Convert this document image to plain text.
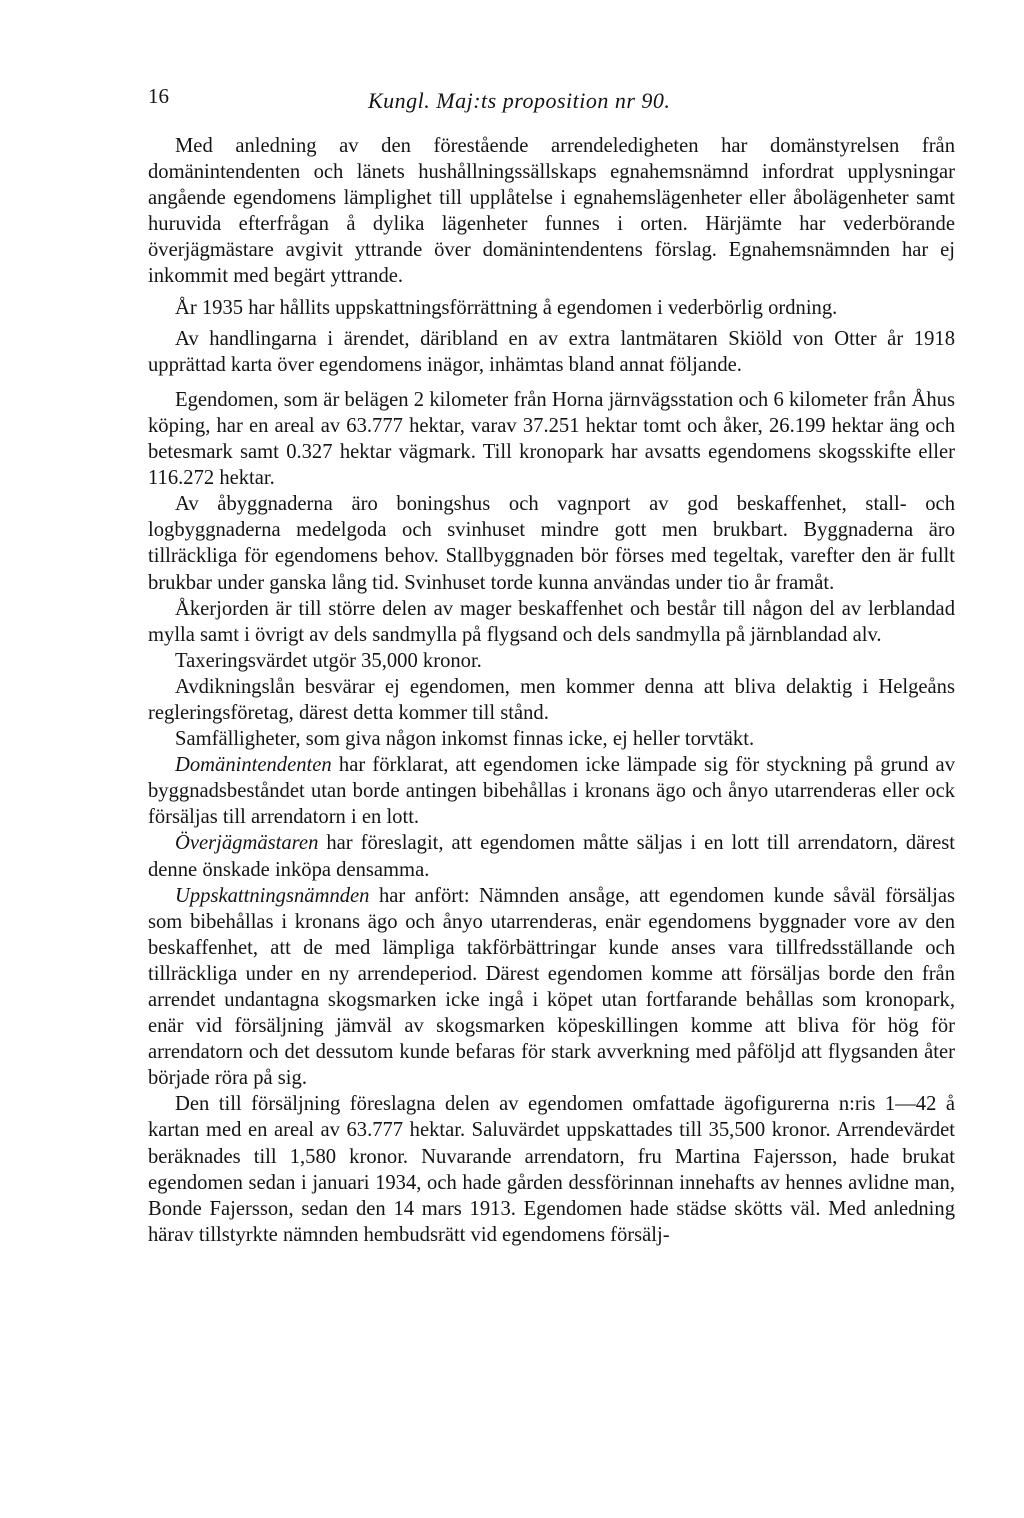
16	Kungl. Maj:ts proposition nr 90.

Med anledning av den förestående arrendeledigheten har domänstyrelsen från domänintendenten och länets hushållningssällskaps egnahemsnämnd infordrat upplysningar angående egendomens lämplighet till upplåtelse i egnahemslägenheter eller åbolägenheter samt huruvida efterfrågan å dylika lägenheter funnes i orten. Härjämte har vederbörande överjägmästare avgivit yttrande över domänintendentens förslag. Egnahemsnämnden har ej inkommit med begärt yttrande.

År 1935 har hållits uppskattningsförrättning å egendomen i vederbörlig ordning.

Av handlingarna i ärendet, däribland en av extra lantmätaren Skiöld von Otter år 1918 upprättad karta över egendomens inägor, inhämtas bland annat följande.

Egendomen, som är belägen 2 kilometer från Horna järnvägsstation och 6 kilometer från Åhus köping, har en areal av 63.777 hektar, varav 37.251 hektar tomt och åker, 26.199 hektar äng och betesmark samt 0.327 hektar vägmark. Till kronopark har avsatts egendomens skogsskifte eller 116.272 hektar.

Av åbyggnaderna äro boningshus och vagnport av god beskaffenhet, stall- och logbyggnaderna medelgoda och svinhuset mindre gott men brukbart. Byggnaderna äro tillräckliga för egendomens behov. Stallbyggnaden bör förses med tegeltak, varefter den är fullt brukbar under ganska lång tid. Svinhuset torde kunna användas under tio år framåt.

Åkerjorden är till större delen av mager beskaffenhet och består till någon del av lerblandad mylla samt i övrigt av dels sandmylla på flygsand och dels sandmylla på järnblandad alv.

Taxeringsvärdet utgör 35,000 kronor.

Avdikningslån besvärar ej egendomen, men kommer denna att bliva delaktig i Helgeåns regleringsföretag, därest detta kommer till stånd.

Samfälligheter, som giva någon inkomst finnas icke, ej heller torvtäkt.

Domänintendenten har förklarat, att egendomen icke lämpade sig för styckning på grund av byggnadsbeståndet utan borde antingen bibehållas i kronans ägo och ånyo utarrenderas eller ock försäljas till arrendatorn i en lott.

Överjägmästaren har föreslagit, att egendomen måtte säljas i en lott till arrendatorn, därest denne önskade inköpa densamma.

Uppskattningsnämnden har anfört: Nämnden ansåge, att egendomen kunde såväl försäljas som bibehållas i kronans ägo och ånyo utarrenderas, enär egendomens byggnader vore av den beskaffenhet, att de med lämpliga takförbättringar kunde anses vara tillfredsställande och tillräckliga under en ny arrendeperiod. Därest egendomen komme att försäljas borde den från arrendet undantagna skogsmarken icke ingå i köpet utan fortfarande behållas som kronopark, enär vid försäljning jämväl av skogsmarken köpeskillingen komme att bliva för hög för arrendatorn och det dessutom kunde befaras för stark avverkning med påföljd att flygsanden åter började röra på sig.

Den till försäljning föreslagna delen av egendomen omfattade ägofigurerna n:ris 1—42 å kartan med en areal av 63.777 hektar. Saluvärdet uppskattades till 35,500 kronor. Arrendevärdet beräknades till 1,580 kronor. Nuvarande arrendatorn, fru Martina Fajersson, hade brukat egendomen sedan i januari 1934, och hade gården dessförinnan innehafts av hennes avlidne man, Bonde Fajersson, sedan den 14 mars 1913. Egendomen hade städse skötts väl. Med anledning härav tillstyrkte nämnden hembudsrätt vid egendomens försälj-
